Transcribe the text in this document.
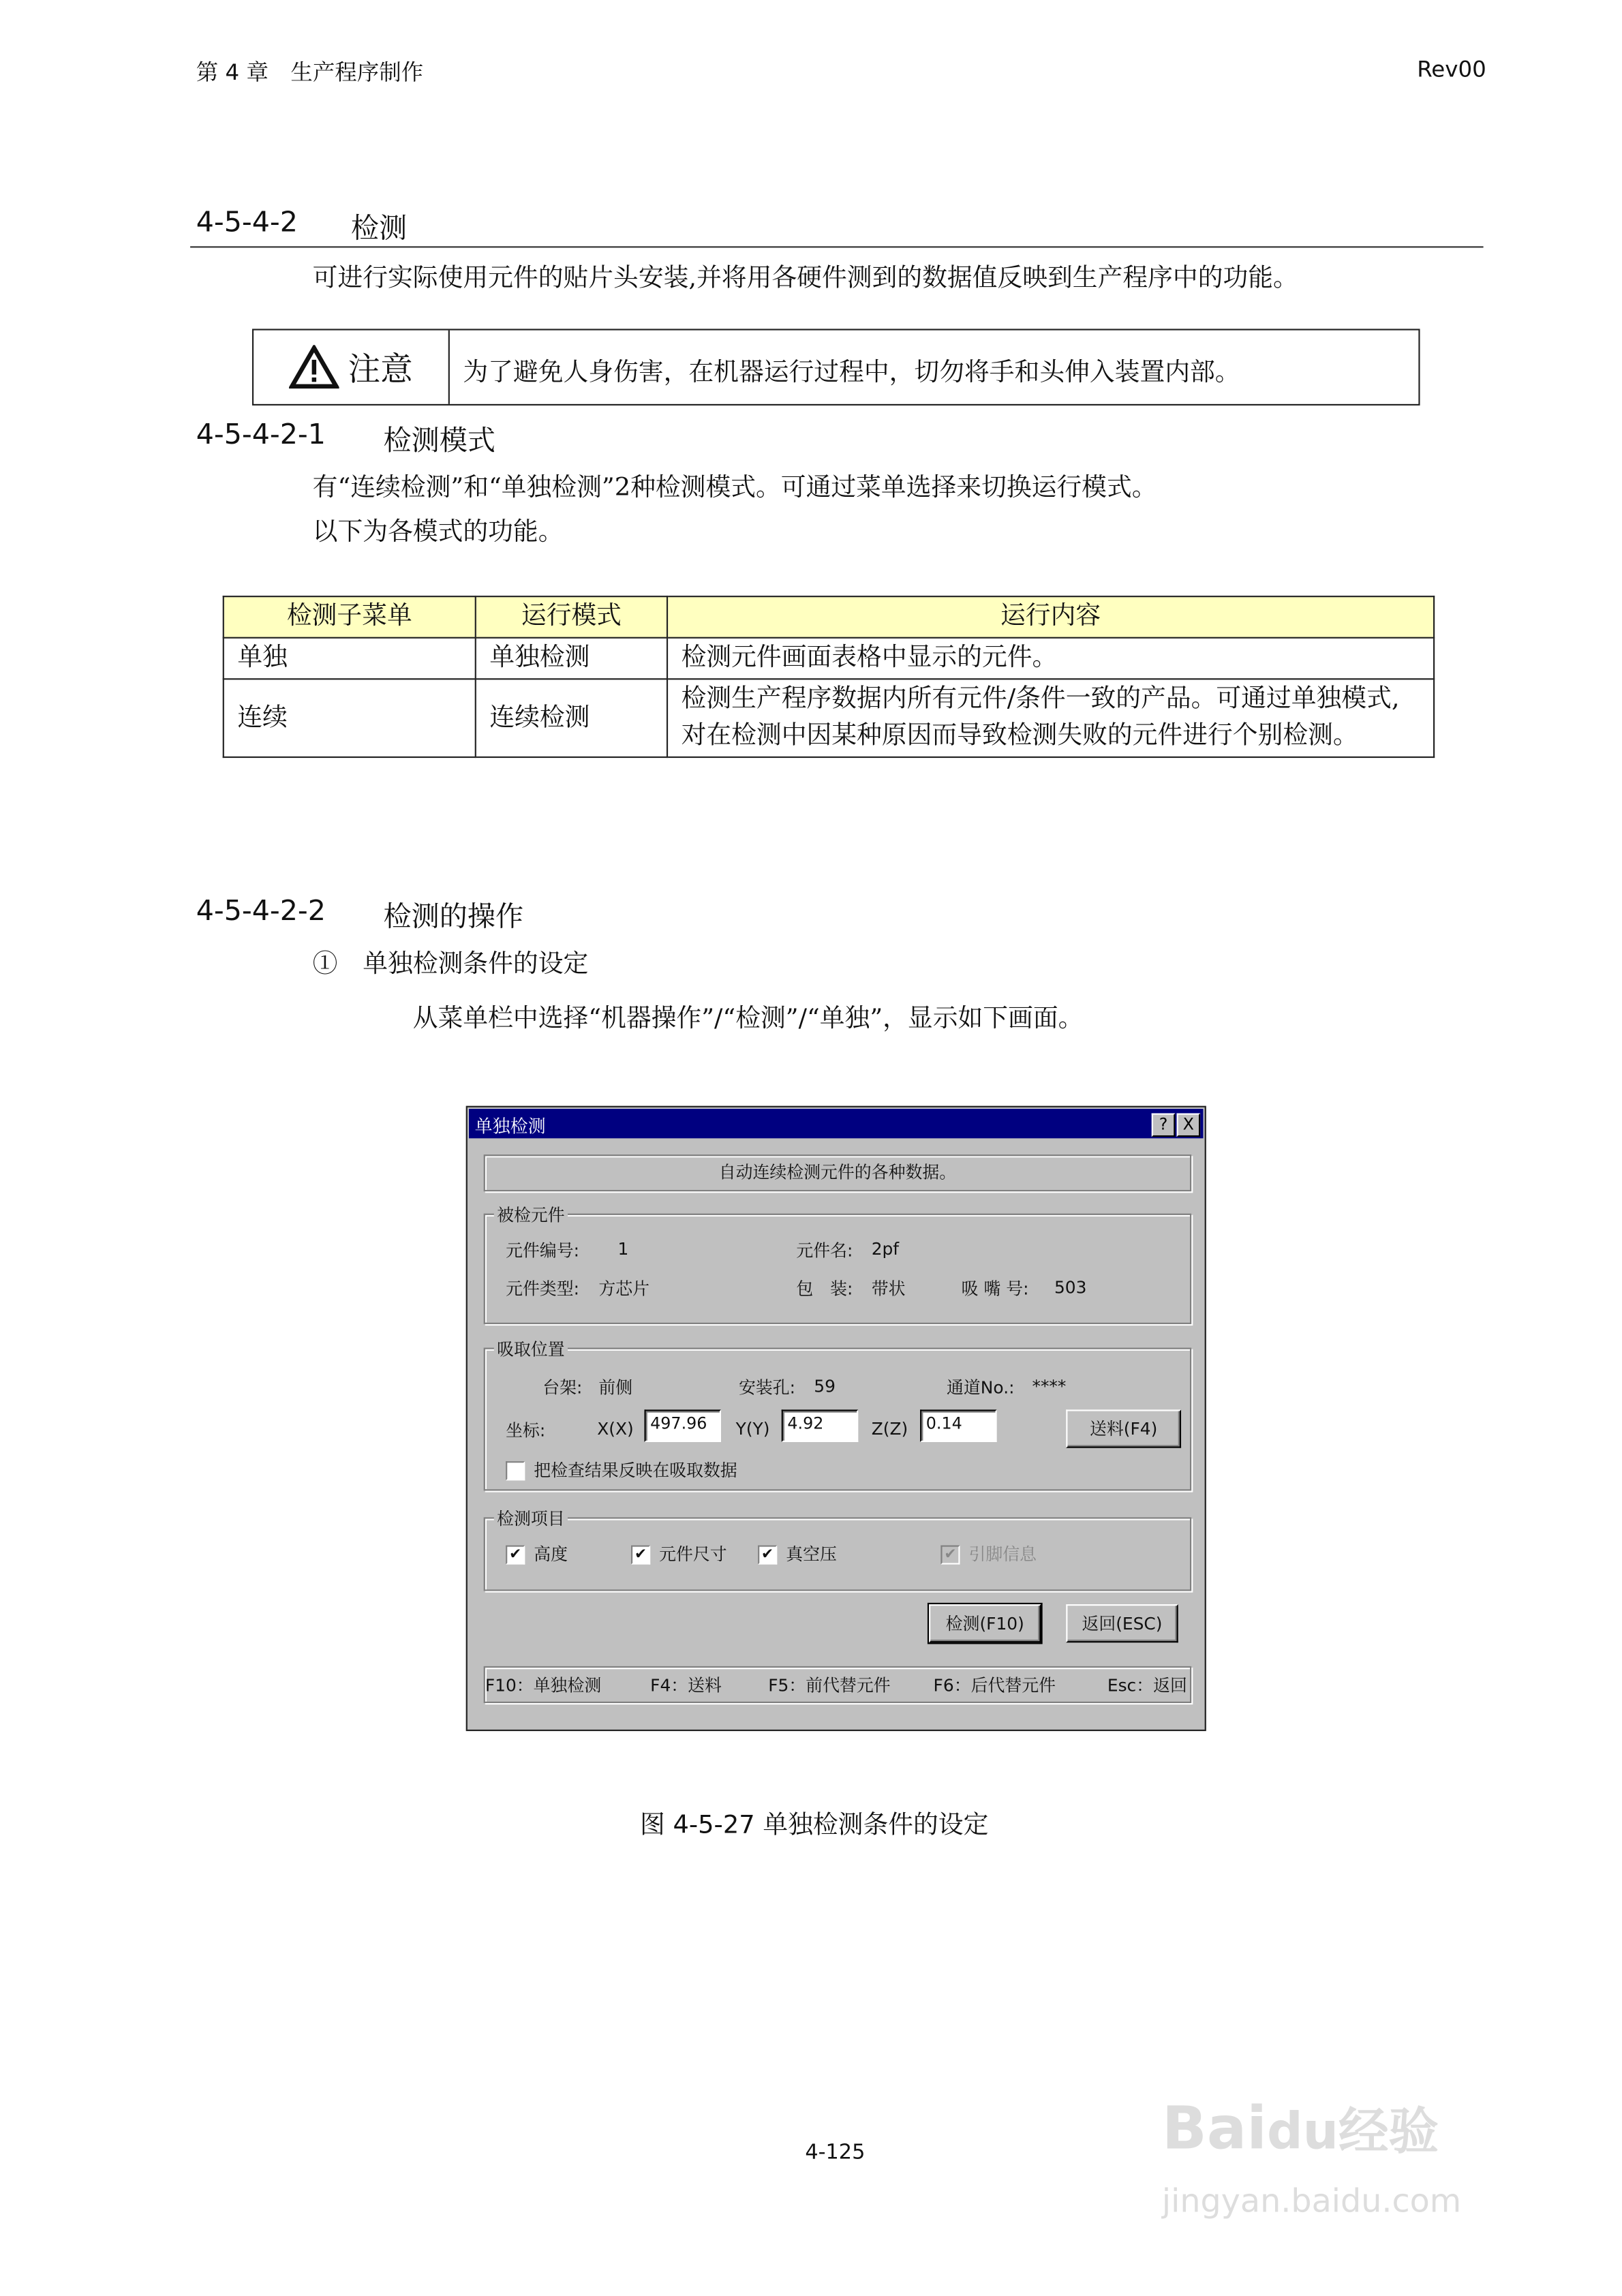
第 4 章　生产程序制作	Rev00
4-5-4-2	检测
可进行实际使用元件的贴片头安装,并将用各硬件测到的数据值反映到生产程序中的功能。
注意	为了避免人身伤害，在机器运行过程中，切勿将手和头伸入装置内部。
4-5-4-2-1	检测模式
有“连续检测”和“单独检测”2种检测模式。可通过菜单选择来切换运行模式。
以下为各模式的功能。
检测子菜单	运行模式	运行内容
单独	单独检测	检测元件画面表格中显示的元件。
连续	连续检测	检测生产程序数据内所有元件/条件一致的产品。可通过单独模式,对在检测中因某种原因而导致检测失败的元件进行个别检测。
4-5-4-2-2	检测的操作
①　单独检测条件的设定
从菜单栏中选择“机器操作”/“检测”/“单独”，显示如下画面。
单独检测	?	X
自动连续检测元件的各种数据。
被检元件
元件编号:	1	元件名: 2pf
元件类型: 方芯片	包　装: 带状	吸 嘴 号:	503
吸取位置
台架: 前侧	安装孔: 59	通道No.: ****
坐标:	X(X)	497.96	Y(Y)	4.92	Z(Z)	0.14	送料(F4)
把检查结果反映在吸取数据
检测项目
✔ 高度	✔ 元件尺寸	✔ 真空压	✔ 引脚信息
检测(F10)	返回(ESC)
F10：单独检测	F4：送料	F5：前代替元件	F6：后代替元件	Esc：返回
图 4-5-27 单独检测条件的设定
4-125	Baidu经验
jingyan.baidu.com
